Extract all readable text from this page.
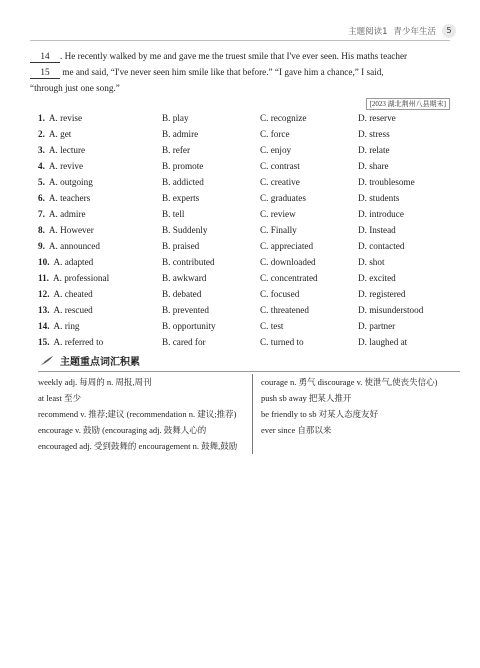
主题阅读1 青少年生活	5
14 . He recently walked by me and gave me the truest smile that I've ever seen. His maths teacher
15 me and said, “I've never seen him smile like that before.” “I gave him a chance,” I said,
“through just one song.”
[2023 湖北荆州八县期末]
1. A. revise	B. play	C. recognize	D. reserve
2. A. get	B. admire	C. force	D. stress
3. A. lecture	B. refer	C. enjoy	D. relate
4. A. revive	B. promote	C. contrast	D. share
5. A. outgoing	B. addicted	C. creative	D. troublesome
6. A. teachers	B. experts	C. graduates	D. students
7. A. admire	B. tell	C. review	D. introduce
8. A. However	B. Suddenly	C. Finally	D. Instead
9. A. announced	B. praised	C. appreciated	D. contacted
10. A. adapted	B. contributed	C. downloaded	D. shot
11. A. professional	B. awkward	C. concentrated	D. excited
12. A. cheated	B. debated	C. focused	D. registered
13. A. rescued	B. prevented	C. threatened	D. misunderstood
14. A. ring	B. opportunity	C. test	D. partner
15. A. referred to	B. cared for	C. turned to	D. laughed at
主题重点词汇积累
weekly adj. 每周的 n. 周报,周刊
at least 至少
recommend v. 推荐;建议 (recommendation n. 建议;推荐)
encourage v. 鼓励 (encouraging adj. 鼓舞人心的
encouraged adj. 受到鼓舞的 encouragement n. 鼓舞,鼓励
courage n. 勇气 discourage v. 使泄气,使丧失信心)
push sb away 把某人推开
be friendly to sb 对某人态度友好
ever since 自那以来
